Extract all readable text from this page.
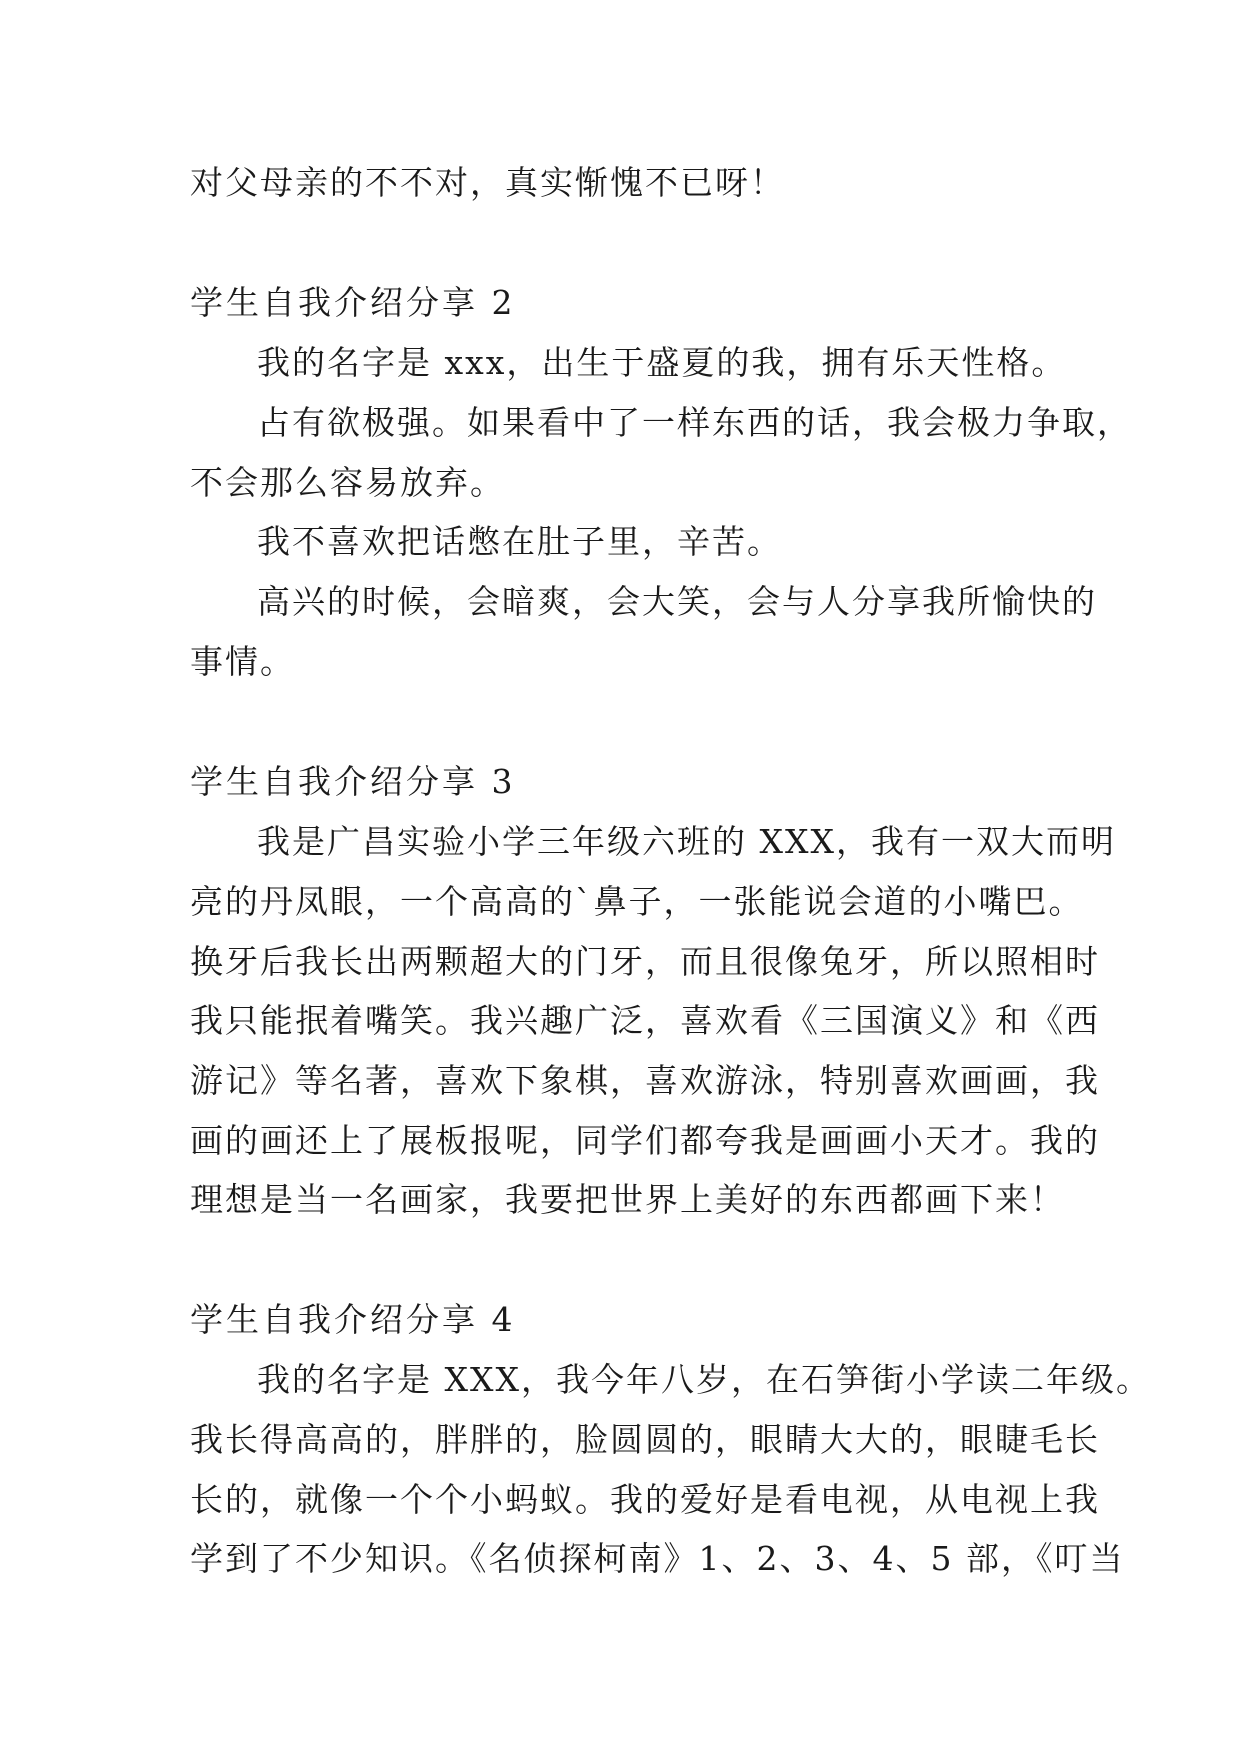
对父母亲的不不对，真实惭愧不已呀！
学生自我介绍分享 2
我的名字是 xxx，出生于盛夏的我，拥有乐天性格。
占有欲极强。如果看中了一样东西的话，我会极力争取，
不会那么容易放弃。
我不喜欢把话憋在肚子里，辛苦。
高兴的时候，会暗爽，会大笑，会与人分享我所愉快的
事情。
学生自我介绍分享 3
我是广昌实验小学三年级六班的 XXX，我有一双大而明
亮的丹凤眼，一个高高的`鼻子，一张能说会道的小嘴巴。
换牙后我长出两颗超大的门牙，而且很像兔牙，所以照相时
我只能抿着嘴笑。我兴趣广泛，喜欢看《三国演义》和《西
游记》等名著，喜欢下象棋，喜欢游泳，特别喜欢画画，我
画的画还上了展板报呢，同学们都夸我是画画小天才。我的
理想是当一名画家，我要把世界上美好的东西都画下来！
学生自我介绍分享 4
我的名字是 XXX，我今年八岁，在石笋街小学读二年级。
我长得高高的，胖胖的，脸圆圆的，眼睛大大的，眼睫毛长
长的，就像一个个小蚂蚁。我的爱好是看电视，从电视上我
学到了不少知识。《名侦探柯南》1、2、3、4、5 部，《叮当
